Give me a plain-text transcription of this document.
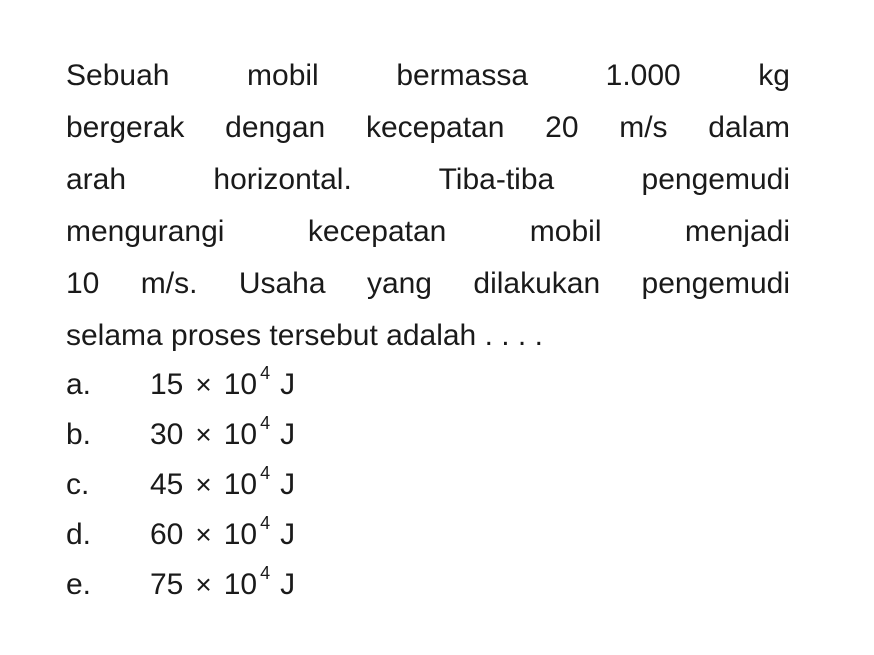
Sebuah mobil bermassa 1.000 kg
bergerak dengan kecepatan 20 m/s dalam
arah horizontal. Tiba-tiba pengemudi
mengurangi kecepatan mobil menjadi
10 m/s. Usaha yang dilakukan pengemudi
selama proses tersebut adalah . . . .
a.	15 × 10 $^4$ J
b.	30 × 10 $^4$ J
c.	45 × 10 $^4$ J
d.	60 × 10 $^4$ J
e.	75 × 10 $^4$ J
